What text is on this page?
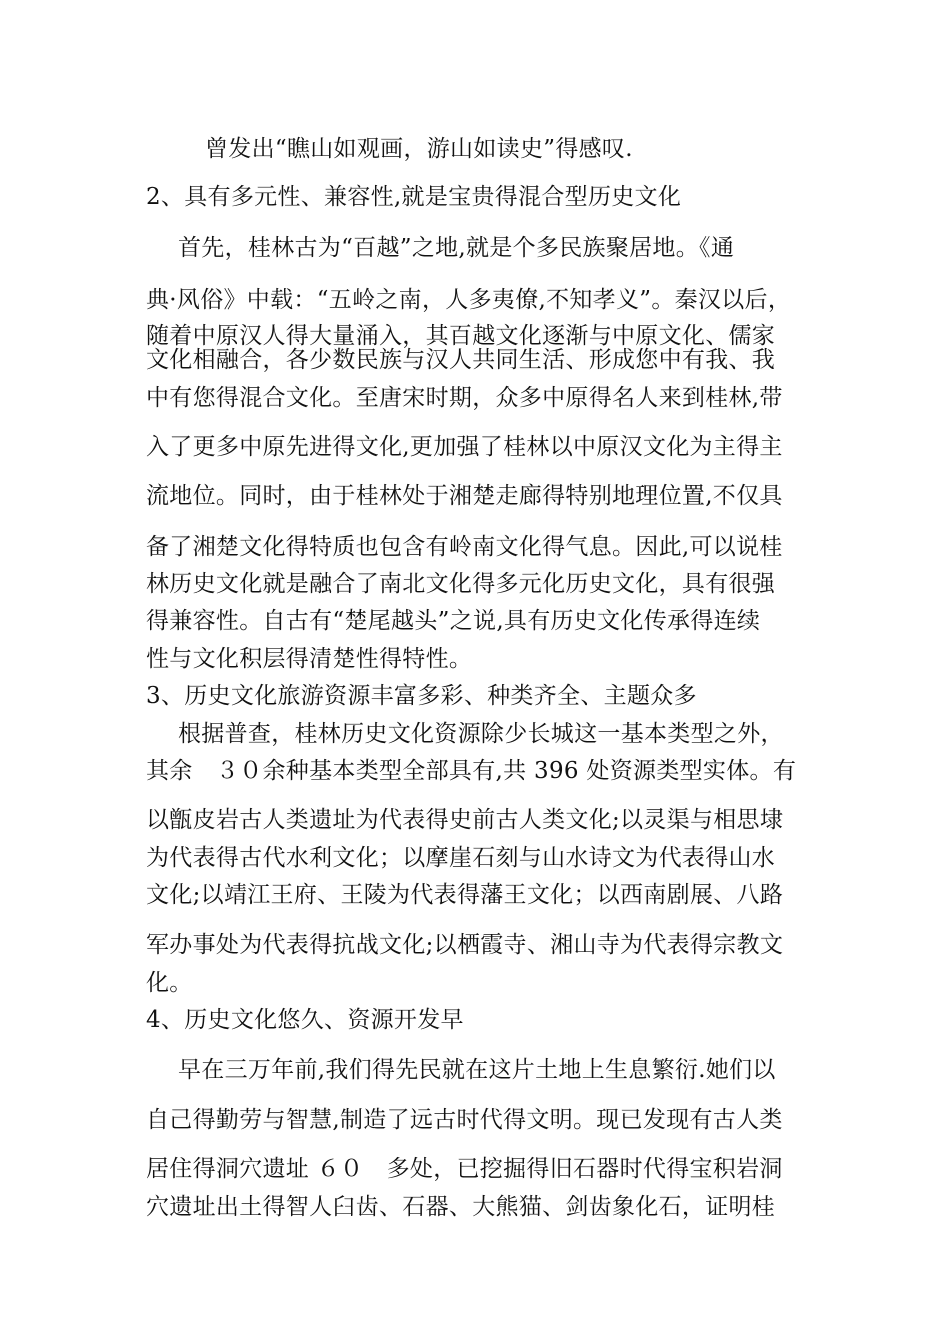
曾发出“瞧山如观画，游山如读史”得感叹.
2、具有多元性、兼容性,就是宝贵得混合型历史文化
首先，桂林古为“百越”之地,就是个多民族聚居地。《通
典·风俗》中载：“五岭之南，人多夷僚,不知孝义”。秦汉以后，
随着中原汉人得大量涌入，其百越文化逐渐与中原文化、儒家
文化相融合，各少数民族与汉人共同生活、形成您中有我、我
中有您得混合文化。至唐宋时期，众多中原得名人来到桂林,带
入了更多中原先进得文化,更加强了桂林以中原汉文化为主得主
流地位。同时，由于桂林处于湘楚走廊得特别地理位置,不仅具
备了湘楚文化得特质也包含有岭南文化得气息。因此,可以说桂
林历史文化就是融合了南北文化得多元化历史文化，具有很强
得兼容性。自古有“楚尾越头”之说,具有历史文化传承得连续
性与文化积层得清楚性得特性。
3、历史文化旅游资源丰富多彩、种类齐全、主题众多
根据普查，桂林历史文化资源除少长城这一基本类型之外，
其余　３０余种基本类型全部具有,共 396 处资源类型实体。有
以甑皮岩古人类遗址为代表得史前古人类文化;以灵渠与相思埭
为代表得古代水利文化；以摩崖石刻与山水诗文为代表得山水
文化;以靖江王府、王陵为代表得藩王文化；以西南剧展、八路
军办事处为代表得抗战文化;以栖霞寺、湘山寺为代表得宗教文
化。
4、历史文化悠久、资源开发早
早在三万年前,我们得先民就在这片土地上生息繁衍.她们以
自己得勤劳与智慧,制造了远古时代得文明。现已发现有古人类
居住得洞穴遗址 ６０　多处，已挖掘得旧石器时代得宝积岩洞
穴遗址出土得智人臼齿、石器、大熊猫、剑齿象化石，证明桂
